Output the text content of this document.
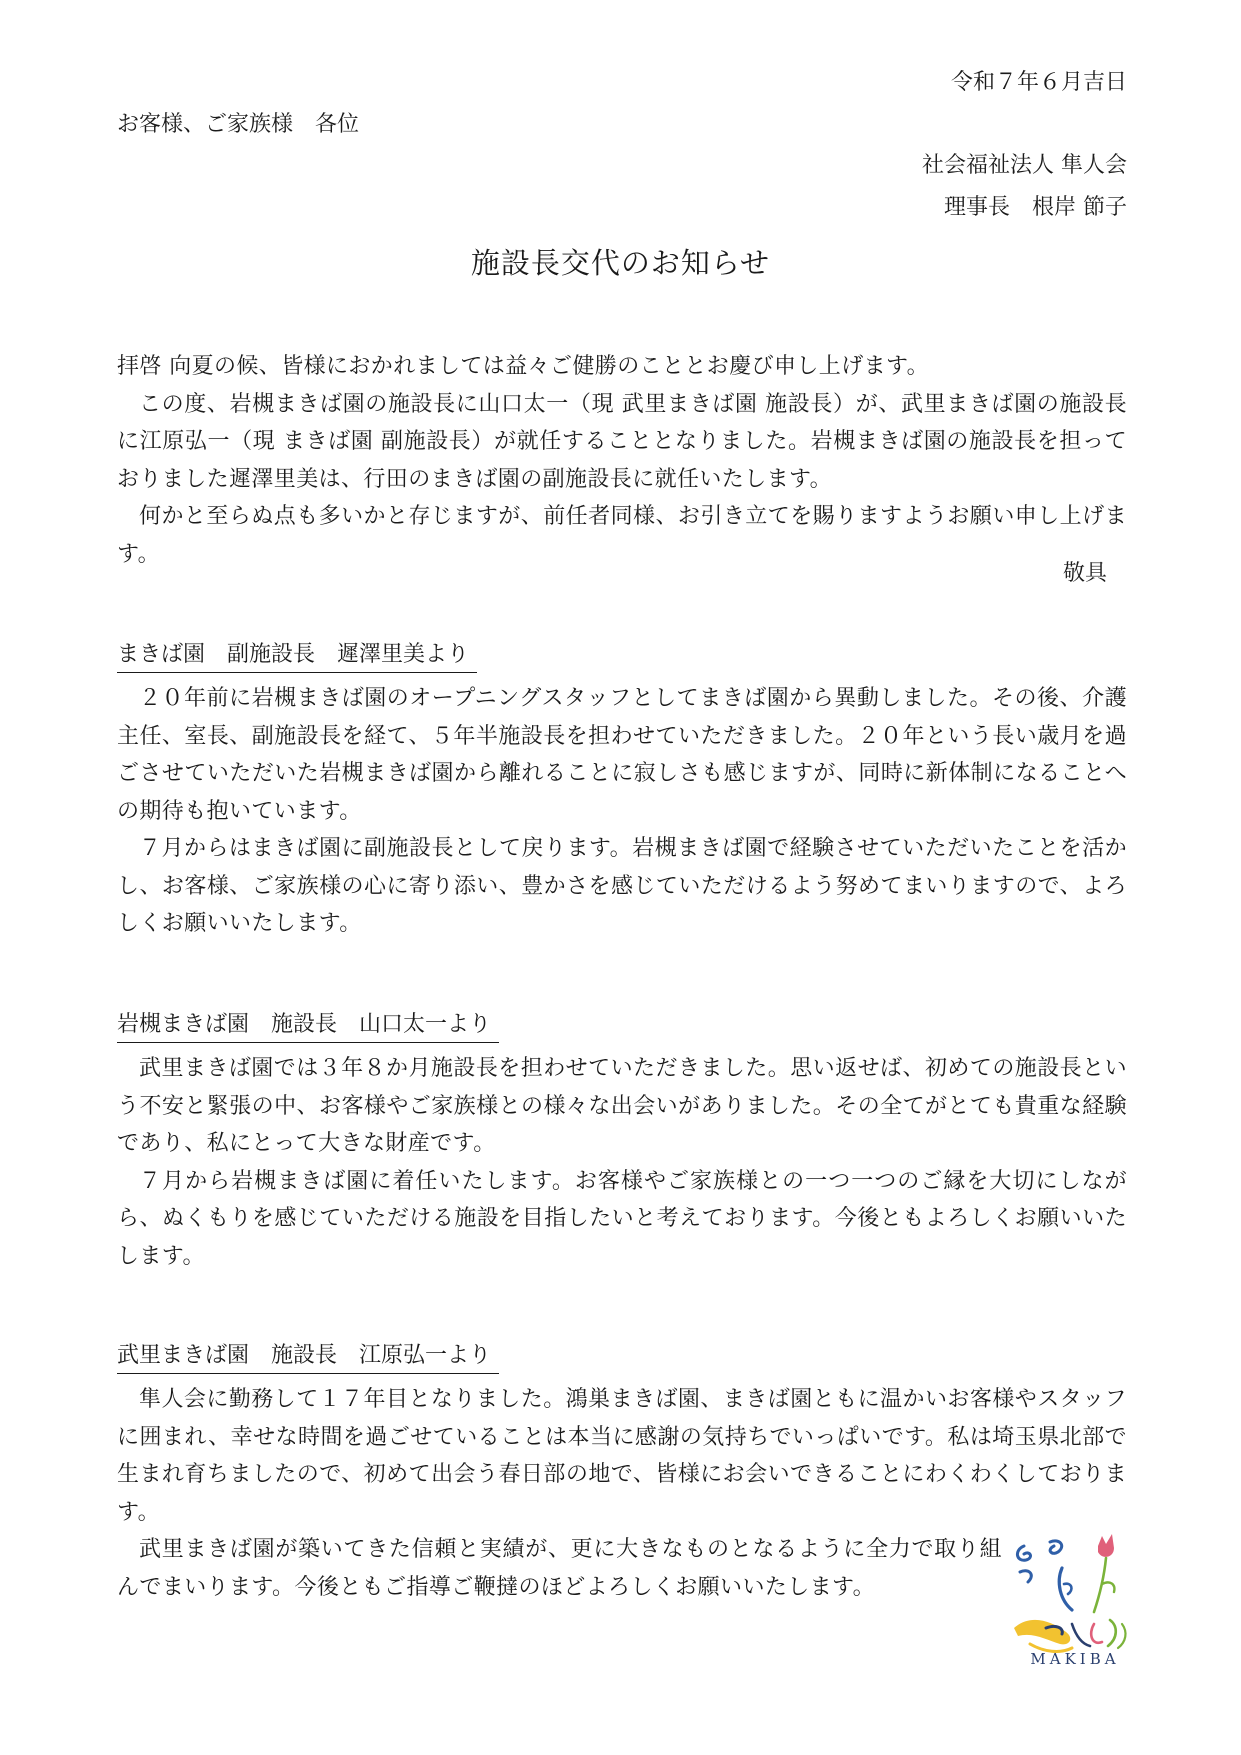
令和７年６月吉日
お客様、ご家族様　各位
社会福祉法人 隼人会
理事長　根岸 節子
施設長交代のお知らせ

拝啓 向夏の候、皆様におかれましては益々ご健勝のこととお慶び申し上げます。

この度、岩槻まきば園の施設長に山口太一（現 武里まきば園 施設長）が、武里まきば園の施設長に江原弘一（現 まきば園 副施設長）が就任することとなりました。岩槻まきば園の施設長を担っておりました遲澤里美は、行田のまきば園の副施設長に就任いたします。

何かと至らぬ点も多いかと存じますが、前任者同様、お引き立てを賜りますようお願い申し上げます。

敬具
まきば園　副施設長　遲澤里美より

２０年前に岩槻まきば園のオープニングスタッフとしてまきば園から異動しました。その後、介護主任、室長、副施設長を経て、５年半施設長を担わせていただきました。２０年という長い歳月を過ごさせていただいた岩槻まきば園から離れることに寂しさも感じますが、同時に新体制になることへの期待も抱いています。

７月からはまきば園に副施設長として戻ります。岩槻まきば園で経験させていただいたことを活かし、お客様、ご家族様の心に寄り添い、豊かさを感じていただけるよう努めてまいりますので、よろしくお願いいたします。

岩槻まきば園　施設長　山口太一より

武里まきば園では３年８か月施設長を担わせていただきました。思い返せば、初めての施設長という不安と緊張の中、お客様やご家族様との様々な出会いがありました。その全てがとても貴重な経験であり、私にとって大きな財産です。

７月から岩槻まきば園に着任いたします。お客様やご家族様との一つ一つのご縁を大切にしながら、ぬくもりを感じていただける施設を目指したいと考えております。今後ともよろしくお願いいたします。

武里まきば園　施設長　江原弘一より

隼人会に勤務して１７年目となりました。鴻巣まきば園、まきば園ともに温かいお客様やスタッフに囲まれ、幸せな時間を過ごせていることは本当に感謝の気持ちでいっぱいです。私は埼玉県北部で生まれ育ちましたので、初めて出会う春日部の地で、皆様にお会いできることにわくわくしております。

武里まきば園が築いてきた信頼と実績が、更に大きなものとなるように全力で取り組んでまいります。今後ともご指導ご鞭撻のほどよろしくお願いいたします。

MAKIBA
